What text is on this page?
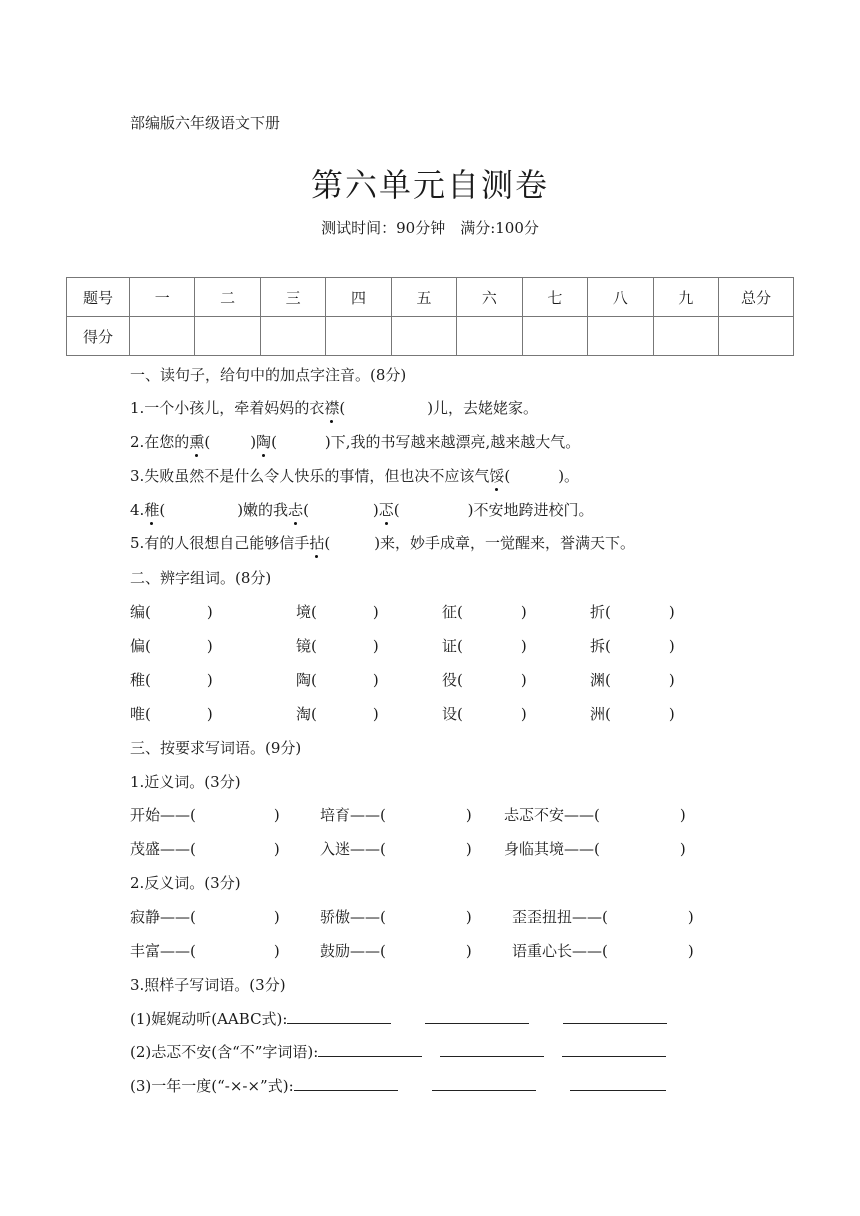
部编版六年级语文下册
第六单元自测卷
测试时间：90分钟　满分:100分
题号	一	二	三	四	五	六	七	八	九	总分
得分										
一、读句子，给句中的加点字注音。(8分)
1.一个小孩儿，牵着妈妈的衣襟(	)儿，去姥姥家。
2.在您的熏(	)陶(	)下,我的书写越来越漂亮,越来越大气。
3.失败虽然不是什么令人快乐的事情，但也决不应该气馁(	)。
4.稚(	)嫩的我忐(	)忑(	)不安地跨进校门。
5.有的人很想自己能够信手拈(	)来，妙手成章，一觉醒来，誉满天下。
二、辨字组词。(8分)
编(	)	境(	)	征(	)	折(	)
偏(	)	镜(	)	证(	)	拆(	)
稚(	)	陶(	)	役(	)	渊(	)
唯(	)	淘(	)	设(	)	洲(	)
三、按要求写词语。(9分)
1.近义词。(3分)
开始——(	)	培育——(	) 忐忑不安——(	)
茂盛——(	)	入迷——(	) 身临其境——(	)
2.反义词。(3分)
寂静——(	)	骄傲——(	)	歪歪扭扭——(	)
丰富——(	)	鼓励——(	)	语重心长——(	)
3.照样子写词语。(3分)
(1)娓娓动听(AABC式):
(2)忐忑不安(含“不”字词语):
(3)一年一度(“-×-×”式):
